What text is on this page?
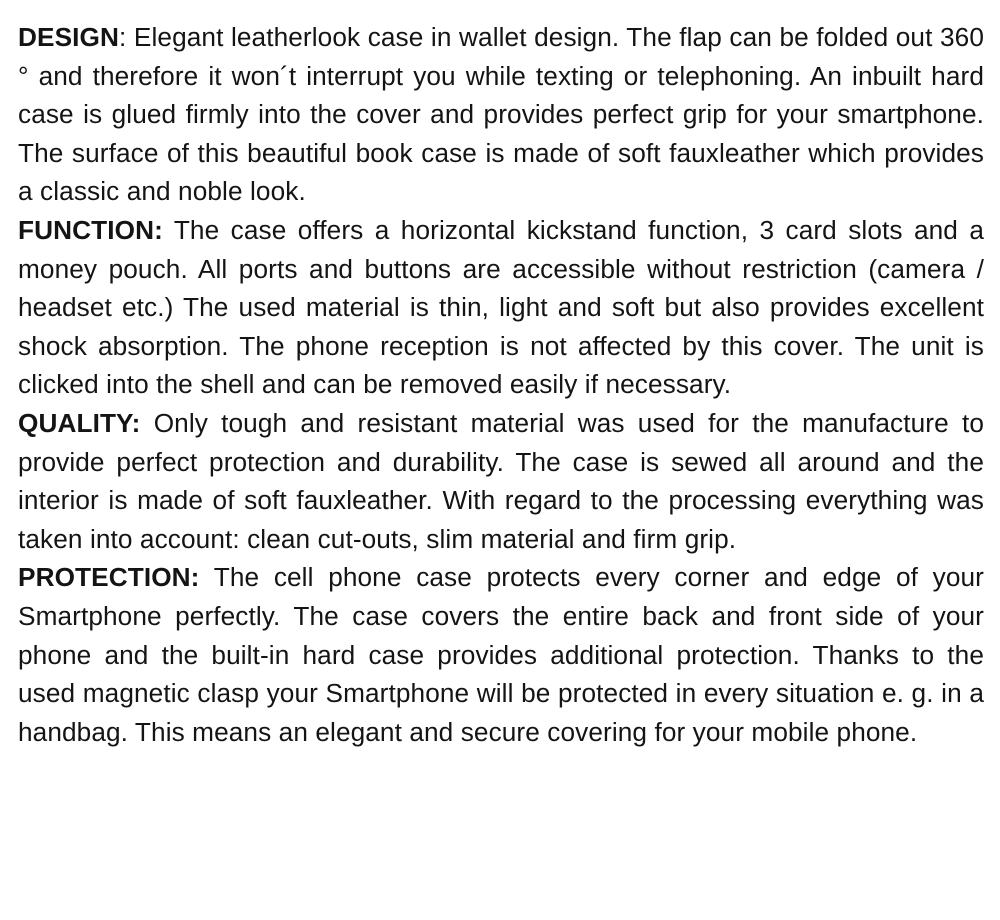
DESIGN: Elegant leatherlook case in wallet design. The flap can be folded out 360 ° and therefore it won´t interrupt you while texting or telephoning. An inbuilt hard case is glued firmly into the cover and provides perfect grip for your smartphone. The surface of this beautiful book case is made of soft fauxleather which provides a classic and noble look.

FUNCTION: The case offers a horizontal kickstand function, 3 card slots and a money pouch. All ports and buttons are accessible without restriction (camera / headset etc.) The used material is thin, light and soft but also provides excellent shock absorption. The phone reception is not affected by this cover. The unit is clicked into the shell and can be removed easily if necessary.

QUALITY: Only tough and resistant material was used for the manufacture to provide perfect protection and durability. The case is sewed all around and the interior is made of soft fauxleather. With regard to the processing everything was taken into account: clean cut-outs, slim material and firm grip.

PROTECTION: The cell phone case protects every corner and edge of your Smartphone perfectly. The case covers the entire back and front side of your phone and the built-in hard case provides additional protection. Thanks to the used magnetic clasp your Smartphone will be protected in every situation e. g. in a handbag. This means an elegant and secure covering for your mobile phone.
